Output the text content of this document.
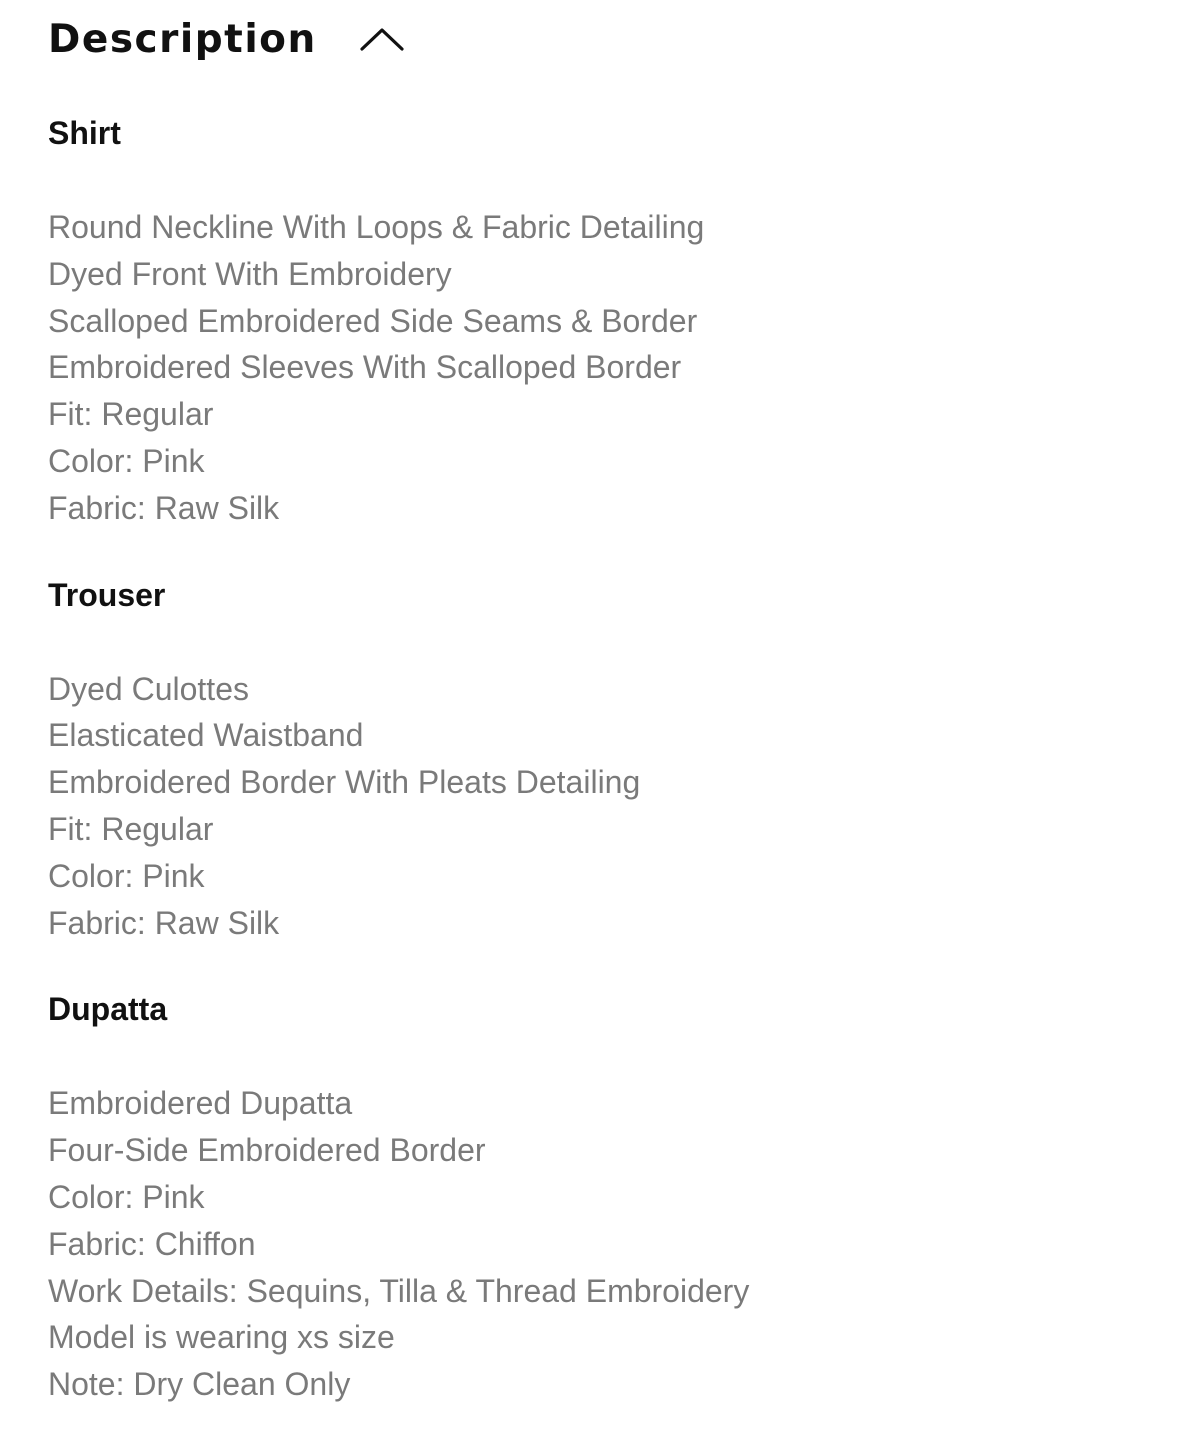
Description
Shirt
Round Neckline With Loops & Fabric Detailing
Dyed Front With Embroidery
Scalloped Embroidered Side Seams & Border
Embroidered Sleeves With Scalloped Border
Fit: Regular
Color: Pink
Fabric: Raw Silk
Trouser
Dyed Culottes
Elasticated Waistband
Embroidered Border With Pleats Detailing
Fit: Regular
Color: Pink
Fabric: Raw Silk
Dupatta
Embroidered Dupatta
Four-Side Embroidered Border
Color: Pink
Fabric: Chiffon
Work Details: Sequins, Tilla & Thread Embroidery
Model is wearing xs size
Note: Dry Clean Only
